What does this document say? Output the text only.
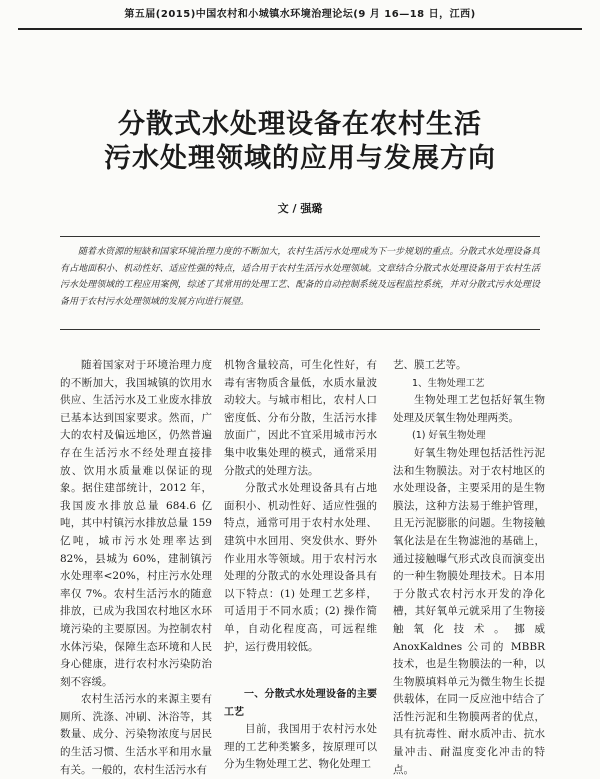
第五届(2015)中国农村和小城镇水环境治理论坛(9 月 16—18 日，江西)
分散式水处理设备在农村生活
污水处理领域的应用与发展方向
文 / 强璐

随着水资源的短缺和国家环境治理力度的不断加大，农村生活污水处理成为下一步规划的重点。分散式水处理设备具有占地面积小、机动性好、适应性强的特点，适合用于农村生活污水处理领域。文章结合分散式水处理设备用于农村生活污水处理领域的工程应用案例，综述了其常用的处理工艺、配备的自动控制系统及远程监控系统，并对分散式污水处理设备用于农村污水处理领域的发展方向进行展望。

随着国家对于环境治理力度的不断加大，我国城镇的饮用水供应、生活污水及工业废水排放已基本达到国家要求。然而，广大的农村及偏远地区，仍然普遍存在生活污水不经处理直接排放、饮用水质量难以保证的现象。据住建部统计，2012 年，我国废水排放总量 684.6 亿吨，其中村镇污水排放总量 159 亿吨，城市污水处理率达到 82%，县城为 60%，建制镇污水处理率<20%，村庄污水处理率仅 7%。农村生活污水的随意排放，已成为我国农村地区水环境污染的主要原因。为控制农村水体污染，保障生态环境和人民身心健康，进行农村水污染防治刻不容缓。

农村生活污水的来源主要有厕所、洗涤、冲刷、沐浴等，其数量、成分、污染物浓度与居民的生活习惯、生活水平和用水量有关。一般的，农村生活污水有

机物含量较高，可生化性好，有毒有害物质含量低，水质水量波动较大。与城市相比，农村人口密度低、分布分散，生活污水排放面广，因此不宜采用城市污水集中收集处理的模式，通常采用分散式的处理方法。

分散式水处理设备具有占地面积小、机动性好、适应性强的特点，通常可用于农村水处理、建筑中水回用、突发供水、野外作业用水等领域。用于农村污水处理的分散式的水处理设备具有以下特点：(1) 处理工艺多样，可适用于不同水质；(2) 操作简单，自动化程度高，可远程维护，运行费用较低。

一、分散式水处理设备的主要工艺

目前，我国用于农村污水处理的工艺种类繁多，按原理可以分为生物处理工艺、物化处理工

艺、膜工艺等。

1、生物处理工艺

生物处理工艺包括好氧生物处理及厌氧生物处理两类。

(1) 好氧生物处理

好氧生物处理包括活性污泥法和生物膜法。对于农村地区的水处理设备，主要采用的是生物膜法，这种方法易于维护管理，且无污泥膨胀的问题。生物接触氧化法是在生物滤池的基础上，通过接触曝气形式改良而演变出的一种生物膜处理技术。日本用于分散式农村污水开发的净化槽，其好氧单元就采用了生物接触氧化技术。挪威 AnoxKaldnes 公司的 MBBR 技术，也是生物膜法的一种，以生物膜填料单元为微生物生长提供载体，在同一反应池中结合了活性污泥和生物膜两者的优点，具有抗毒性、耐水质冲击、抗水量冲击、耐温度变化冲击的特点。
